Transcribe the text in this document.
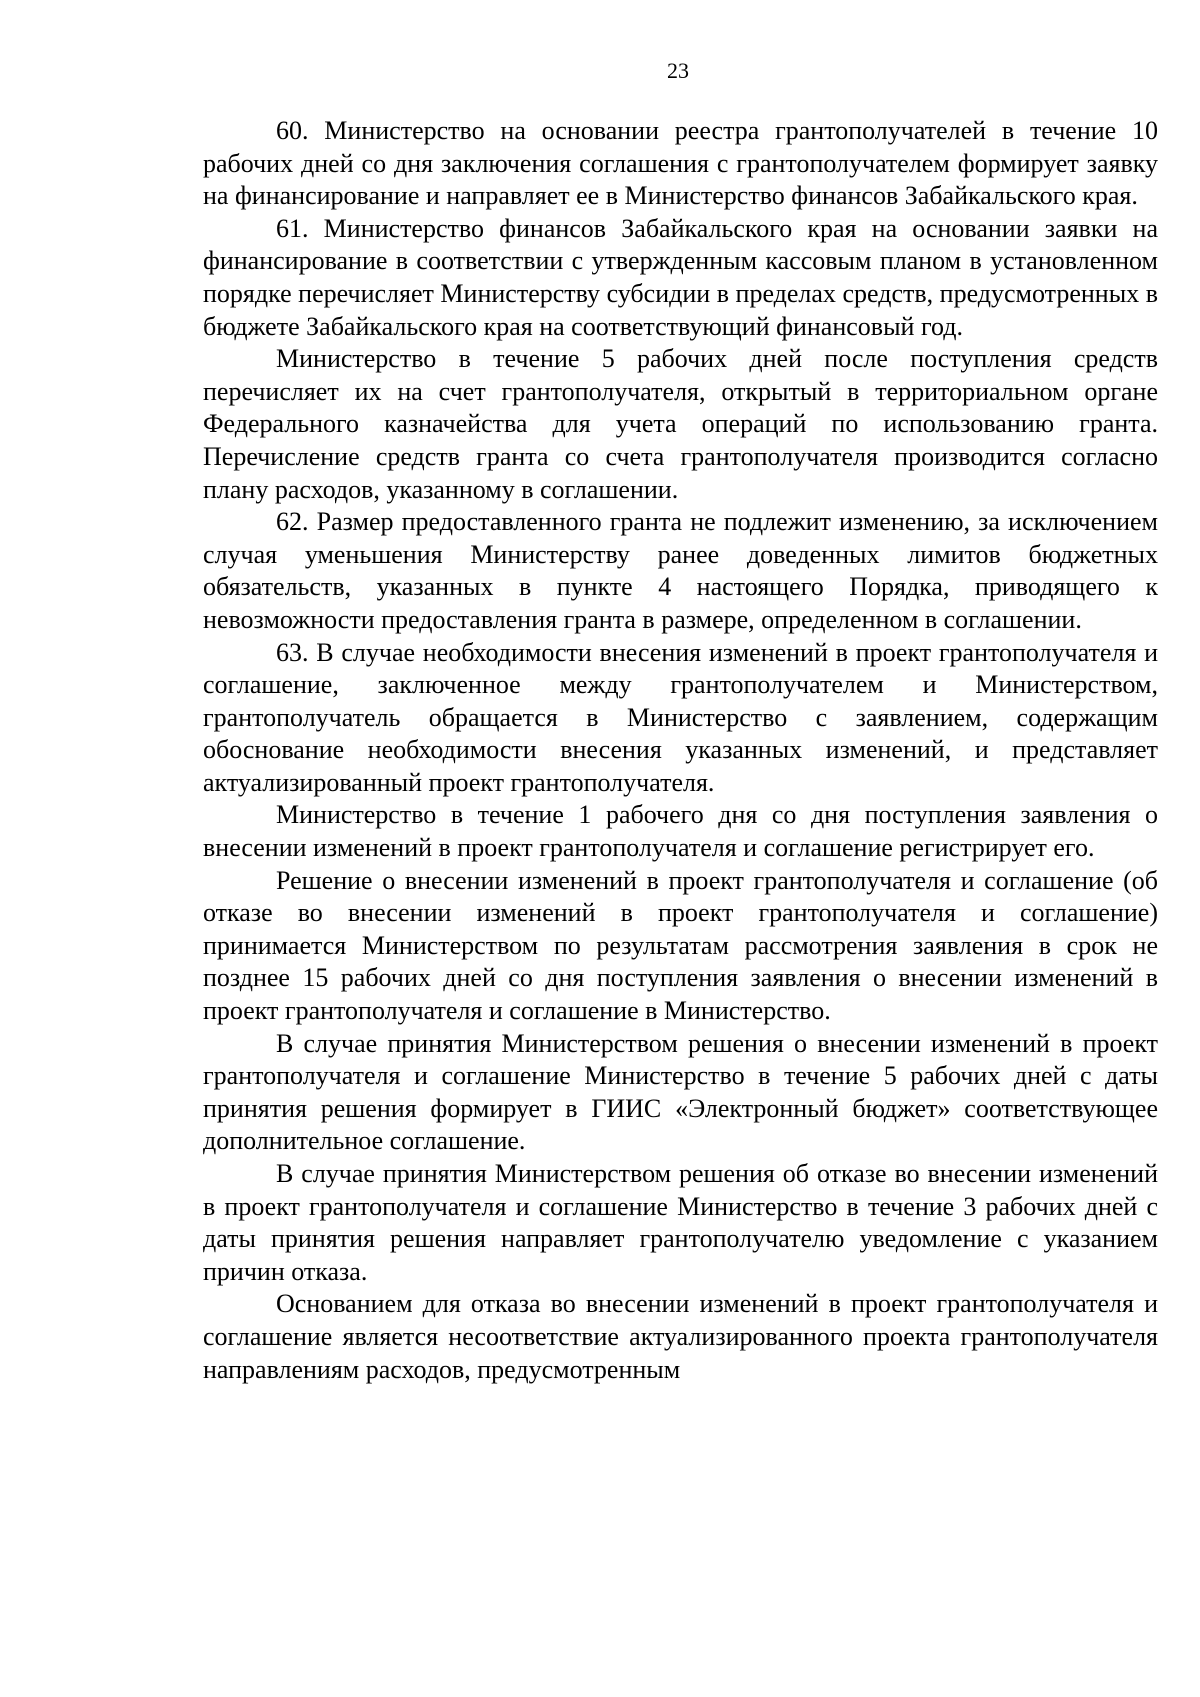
23

60. Министерство на основании реестра грантополучателей в течение 10 рабочих дней со дня заключения соглашения с грантополучателем формирует заявку на финансирование и направляет ее в Министерство финансов Забайкальского края.

61. Министерство финансов Забайкальского края на основании заявки на финансирование в соответствии с утвержденным кассовым планом в установленном порядке перечисляет Министерству субсидии в пределах средств, предусмотренных в бюджете Забайкальского края на соответствующий финансовый год.

Министерство в течение 5 рабочих дней после поступления средств перечисляет их на счет грантополучателя, открытый в территориальном органе Федерального казначейства для учета операций по использованию гранта. Перечисление средств гранта со счета грантополучателя производится согласно плану расходов, указанному в соглашении.

62. Размер предоставленного гранта не подлежит изменению, за исключением случая уменьшения Министерству ранее доведенных лимитов бюджетных обязательств, указанных в пункте 4 настоящего Порядка, приводящего к невозможности предоставления гранта в размере, определенном в соглашении.

63. В случае необходимости внесения изменений в проект грантополучателя и соглашение, заключенное между грантополучателем и Министерством, грантополучатель обращается в Министерство с заявлением, содержащим обоснование необходимости внесения указанных изменений, и представляет актуализированный проект грантополучателя.

Министерство в течение 1 рабочего дня со дня поступления заявления о внесении изменений в проект грантополучателя и соглашение регистрирует его.

Решение о внесении изменений в проект грантополучателя и соглашение (об отказе во внесении изменений в проект грантополучателя и соглашение) принимается Министерством по результатам рассмотрения заявления в срок не позднее 15 рабочих дней со дня поступления заявления о внесении изменений в проект грантополучателя и соглашение в Министерство.

В случае принятия Министерством решения о внесении изменений в проект грантополучателя и соглашение Министерство в течение 5 рабочих дней с даты принятия решения формирует в ГИИС «Электронный бюджет» соответствующее дополнительное соглашение.

В случае принятия Министерством решения об отказе во внесении изменений в проект грантополучателя и соглашение Министерство в течение 3 рабочих дней с даты принятия решения направляет грантополучателю уведомление с указанием причин отказа.

Основанием для отказа во внесении изменений в проект грантополучателя и соглашение является несоответствие актуализированного проекта грантополучателя направлениям расходов, предусмотренным
